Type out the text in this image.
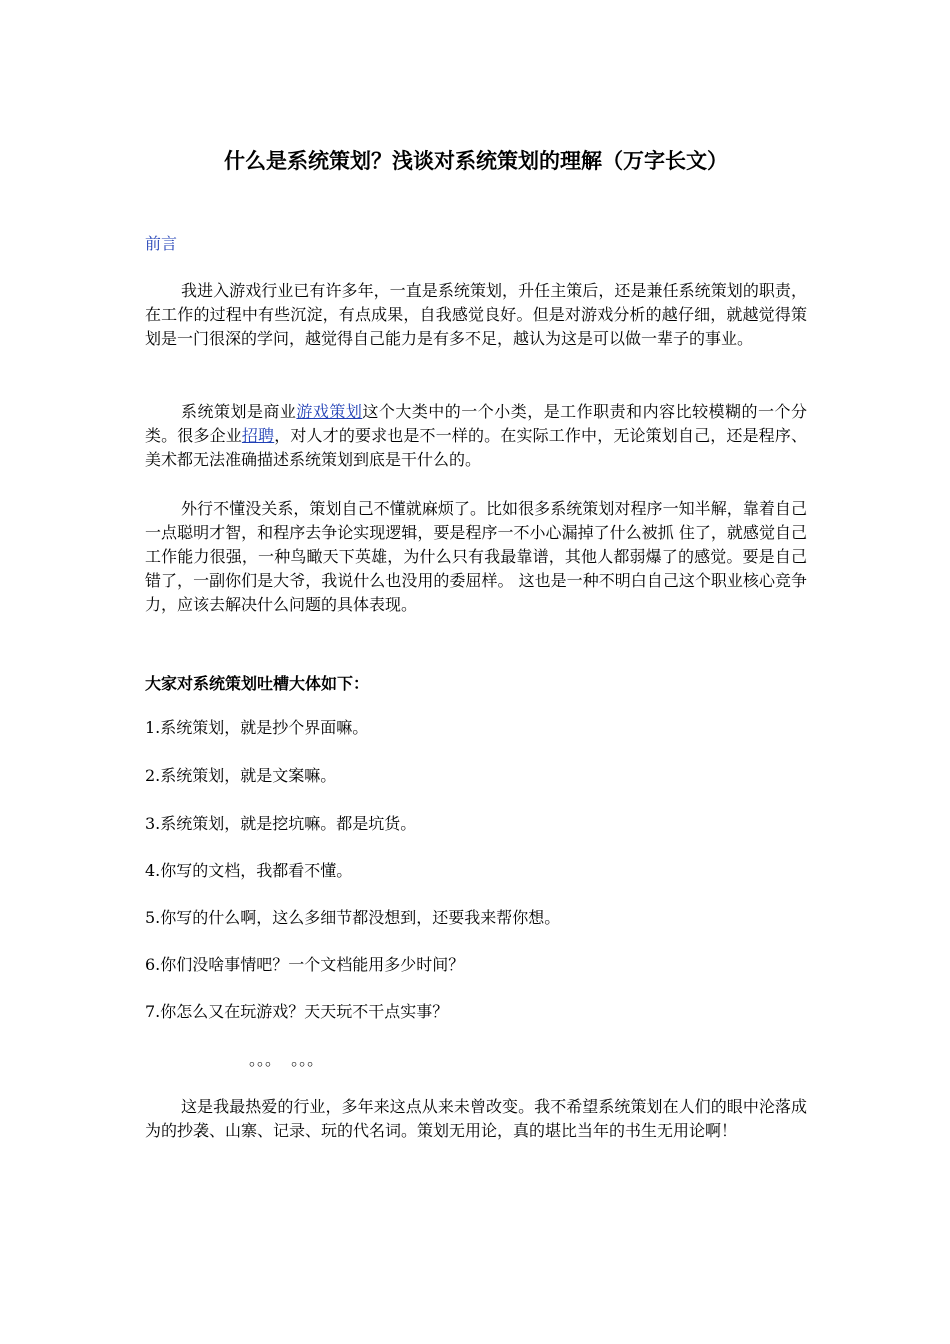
什么是系统策划？浅谈对系统策划的理解（万字长文）

前言

我进入游戏行业已有许多年，一直是系统策划，升任主策后，还是兼任系统策划的职责，在工作的过程中有些沉淀，有点成果，自我感觉良好。但是对游戏分析的越仔细，就越觉得策划是一门很深的学问，越觉得自己能力是有多不足，越认为这是可以做一辈子的事业。

系统策划是商业游戏策划这个大类中的一个小类，是工作职责和内容比较模糊的一个分类。很多企业招聘，对人才的要求也是不一样的。在实际工作中，无论策划自己，还是程序、美术都无法准确描述系统策划到底是干什么的。

外行不懂没关系，策划自己不懂就麻烦了。比如很多系统策划对程序一知半解，靠着自己一点聪明才智，和程序去争论实现逻辑，要是程序一不小心漏掉了什么被抓 住了，就感觉自己工作能力很强，一种鸟瞰天下英雄，为什么只有我最靠谱，其他人都弱爆了的感觉。要是自己错了，一副你们是大爷，我说什么也没用的委屈样。 这也是一种不明白自己这个职业核心竞争力，应该去解决什么问题的具体表现。

大家对系统策划吐槽大体如下：

1.系统策划，就是抄个界面嘛。

2.系统策划，就是文案嘛。

3.系统策划，就是挖坑嘛。都是坑货。

4.你写的文档，我都看不懂。

5.你写的什么啊，这么多细节都没想到，还要我来帮你想。

6.你们没啥事情吧？一个文档能用多少时间？

7.你怎么又在玩游戏？天天玩不干点实事？

。。。  。。。

这是我最热爱的行业，多年来这点从来未曾改变。我不希望系统策划在人们的眼中沦落成为的抄袭、山寨、记录、玩的代名词。策划无用论，真的堪比当年的书生无用论啊！
